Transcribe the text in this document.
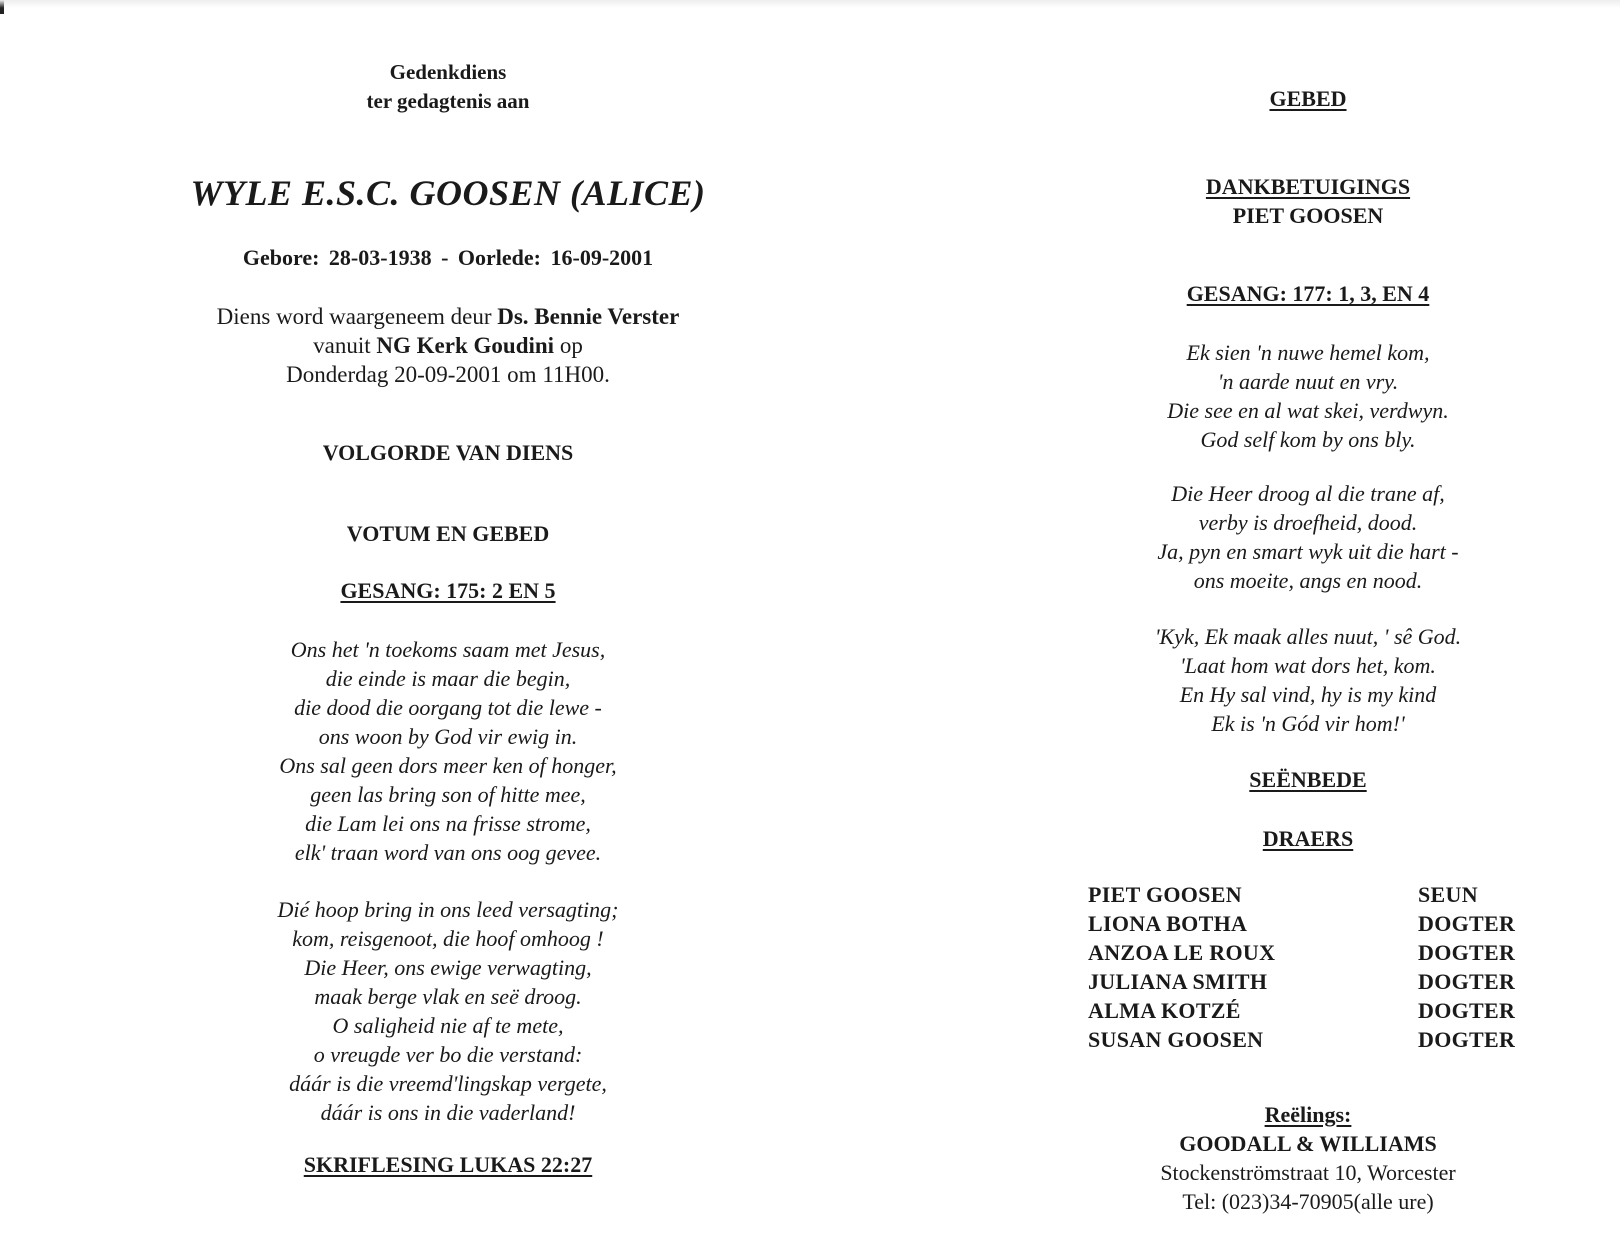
Gedenkdiens
ter gedagtenis aan
WYLE E.S.C. GOOSEN (ALICE)
Gebore: 28-03-1938 - Oorlede: 16-09-2001
Diens word waargeneem deur Ds. Bennie Verster
vanuit NG Kerk Goudini op
Donderdag 20-09-2001 om 11H00.
VOLGORDE VAN DIENS
VOTUM EN GEBED
GESANG: 175: 2 EN 5
Ons het 'n toekoms saam met Jesus,
die einde is maar die begin,
die dood die oorgang tot die lewe -
ons woon by God vir ewig in.
Ons sal geen dors meer ken of honger,
geen las bring son of hitte mee,
die Lam lei ons na frisse strome,
elk' traan word van ons oog gevee.
Dié hoop bring in ons leed versagting;
kom, reisgenoot, die hoof omhoog !
Die Heer, ons ewige verwagting,
maak berge vlak en seë droog.
O saligheid nie af te mete,
o vreugde ver bo die verstand:
dáár is die vreemd'lingskap vergete,
dáár is ons in die vaderland!
SKRIFLESING LUKAS 22:27
GEBED
DANKBETUIGINGS
PIET GOOSEN
GESANG: 177: 1, 3, EN 4
Ek sien 'n nuwe hemel kom,
'n aarde nuut en vry.
Die see en al wat skei, verdwyn.
God self kom by ons bly.
Die Heer droog al die trane af,
verby is droefheid, dood.
Ja, pyn en smart wyk uit die hart -
ons moeite, angs en nood.
'Kyk, Ek maak alles nuut, ' sê God.
'Laat hom wat dors het, kom.
En Hy sal vind, hy is my kind
Ek is 'n Gód vir hom!'
SEËNBEDE
DRAERS
PIET GOOSEN	SEUN
LIONA BOTHA	DOGTER
ANZOA LE ROUX	DOGTER
JULIANA SMITH	DOGTER
ALMA KOTZÉ	DOGTER
SUSAN GOOSEN	DOGTER
Reëlings:
GOODALL & WILLIAMS
Stockenströmstraat 10, Worcester
Tel: (023)34-70905(alle ure)
